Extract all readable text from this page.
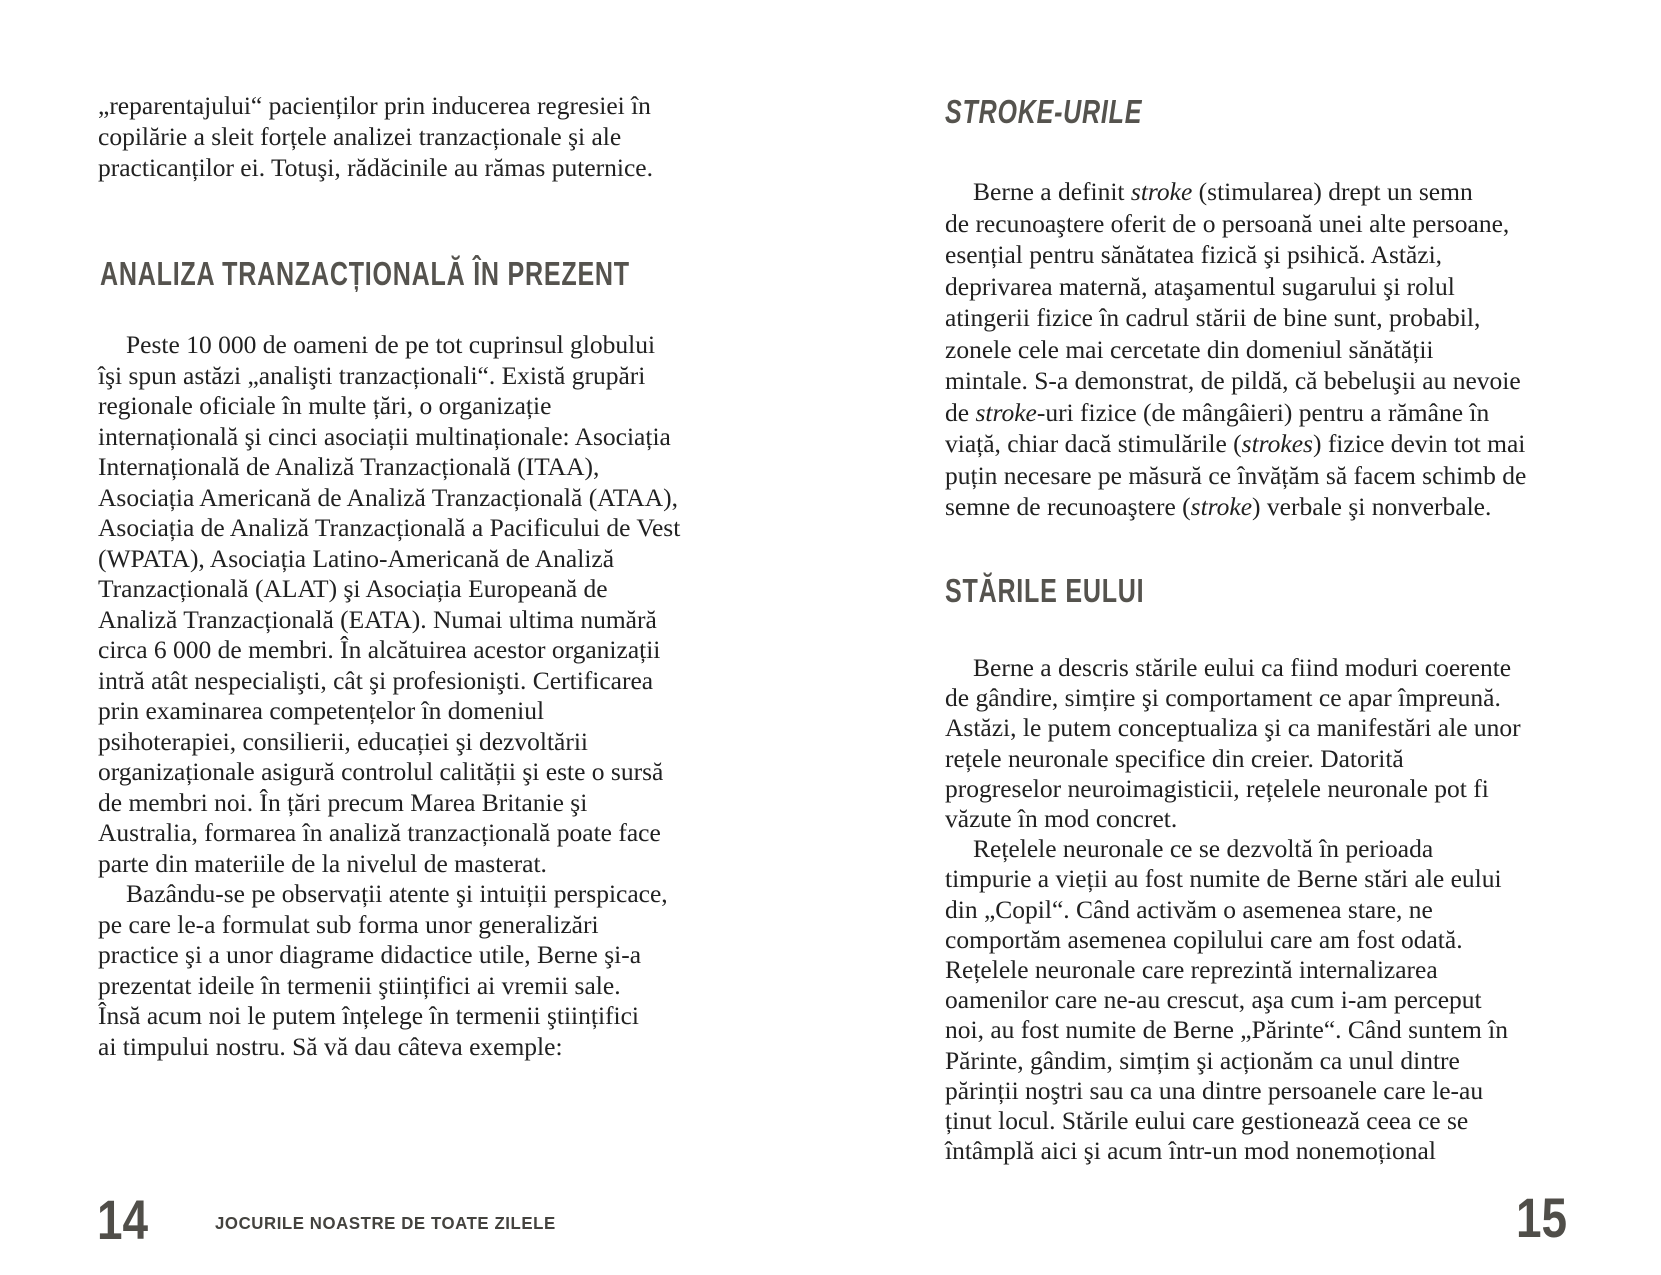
„reparentajului“ pacienților prin inducerea regresiei în
copilărie a sleit forțele analizei tranzacționale şi ale
practicanților ei. Totuşi, rădăcinile au rămas puternice.
ANALIZA TRANZACȚIONALĂ ÎN PREZENT
Peste 10 000 de oameni de pe tot cuprinsul globului
îşi spun astăzi „analişti tranzacționali“. Există grupări
regionale oficiale în multe țări, o organizație
internațională şi cinci asociații multinaționale: Asociația
Internațională de Analiză Tranzacțională (ITAA),
Asociația Americană de Analiză Tranzacțională (ATAA),
Asociația de Analiză Tranzacțională a Pacificului de Vest
(WPATA), Asociația Latino-Americană de Analiză
Tranzacțională (ALAT) şi Asociația Europeană de
Analiză Tranzacțională (EATA). Numai ultima numără
circa 6 000 de membri. În alcătuirea acestor organizații
intră atât nespecialişti, cât şi profesionişti. Certificarea
prin examinarea competențelor în domeniul
psihoterapiei, consilierii, educației şi dezvoltării
organizaționale asigură controlul calității şi este o sursă
de membri noi. În țări precum Marea Britanie şi
Australia, formarea în analiză tranzacțională poate face
parte din materiile de la nivelul de masterat.
Bazându-se pe observații atente şi intuiții perspicace,
pe care le-a formulat sub forma unor generalizări
practice şi a unor diagrame didactice utile, Berne şi-a
prezentat ideile în termenii ştiințifici ai vremii sale.
Însă acum noi le putem înțelege în termenii ştiințifici
ai timpului nostru. Să vă dau câteva exemple:
14	JOCURILE NOASTRE DE TOATE ZILELE
STROKE-URILE
Berne a definit stroke (stimularea) drept un semn
de recunoaştere oferit de o persoană unei alte persoane,
esențial pentru sănătatea fizică şi psihică. Astăzi,
deprivarea maternă, ataşamentul sugarului şi rolul
atingerii fizice în cadrul stării de bine sunt, probabil,
zonele cele mai cercetate din domeniul sănătății
mintale. S-a demonstrat, de pildă, că bebeluşii au nevoie
de stroke-uri fizice (de mângâieri) pentru a rămâne în
viață, chiar dacă stimulările (strokes) fizice devin tot mai
puțin necesare pe măsură ce învățăm să facem schimb de
semne de recunoaştere (stroke) verbale şi nonverbale.
STĂRILE EULUI
Berne a descris stările eului ca fiind moduri coerente
de gândire, simțire şi comportament ce apar împreună.
Astăzi, le putem conceptualiza şi ca manifestări ale unor
rețele neuronale specifice din creier. Datorită
progreselor neuroimagisticii, rețelele neuronale pot fi
văzute în mod concret.
Rețelele neuronale ce se dezvoltă în perioada
timpurie a vieții au fost numite de Berne stări ale eului
din „Copil“. Când activăm o asemenea stare, ne
comportăm asemenea copilului care am fost odată.
Rețelele neuronale care reprezintă internalizarea
oamenilor care ne-au crescut, aşa cum i-am perceput
noi, au fost numite de Berne „Părinte“. Când suntem în
Părinte, gândim, simțim şi acționăm ca unul dintre
părinții noştri sau ca una dintre persoanele care le-au
ținut locul. Stările eului care gestionează ceea ce se
întâmplă aici şi acum într-un mod nonemoțional
15
